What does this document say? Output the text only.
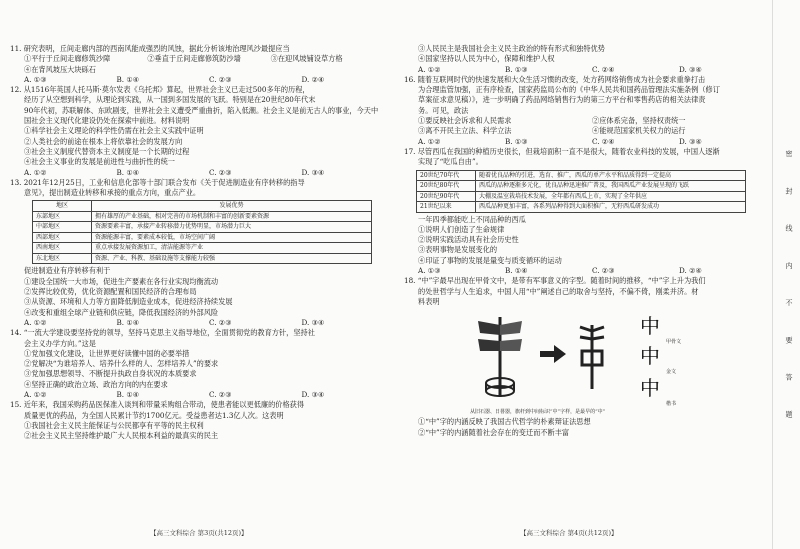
11. 研究表明，丘间走廊内部的西南风能成强烈的风蚀，据此分析该地治理风沙最提应当

①平行于丘间走廊修筑沙障	②垂直于丘间走廊修筑防沙墙	③在迎风坡铺设草方格
④在背风坡压大块砾石
A. ①③	B. ①④	C. ②③	D. ②④

12. 从1516年英国人托马斯·莫尔发表《乌托邦》算起，世界社会主义已走过500多年的历程，

经历了从空想到科学，从理论到实践，从一国到多国发展的飞跃。特别是在20世纪80年代末

90年代初，苏联解体、东欧剧变，世界社会主义遭受严重曲折，陷入低潮。社会主义是前无古人的事业，今天中

国社会主义现代化建设仍处在探索中前进。材料说明

①科学社会主义理论的科学性仍需在社会主义实践中证明

②人类社会的前途在根本上将依靠社会的发展方向

③社会主义制度代替资本主义制度是一个长期的过程

④社会主义事业的发展是前进性与曲折性的统一

A. ①②	B. ①④	C. ②③	D. ③④

13. 2021年12月25日，工业和信息化部等十部门联合发布《关于促进制造业有序转移的指导

意见》，提出制造业转移和承接的重点方向，重点产业。

地区	发展优势
东部地区	拥有雄厚的产业基础，相对完善的市场机制和丰富的创新要素资源
中部地区	资源要素丰富，承接产业转移潜力优势明显，市场潜力巨大
西部地区	资源能源丰富，要素成本较低，市场空间广阔
西南地区	重点承接发展资源加工，清洁能源等产业
东北地区	资源、产业、科教、基础设施等支撑能力较强

促进制造业有序转移有利于

①建设全国统一大市场，促进生产要素在各行业实现均衡流动

②发挥比较优势，优化资源配置和国民经济的合理布局

③从资源、环境和人力等方面降低制造业成本，促进经济持续发展

④改变和重组全球产业链和供应链，降低我国经济的外部风险

A. ①②	B. ①④	C. ②③	D. ③④

14. “一流大学建设要坚持党的领导，坚持马克思主义指导地位，全面贯彻党的教育方针，坚持社

会主义办学方向。”这是

①党加强文化建设，让世界更好读懂中国的必要举措

②党解决“为谁培养人、培养什么样的人、怎样培养人”的要求

③党加强思想领导、不断提升执政自身状况的本质要求

④坚持正确的政治立场、政治方向的内在要求

A. ①②	B. ①④	C. ②③	D. ③④

15. 近年来，我国采购药品医保准入谈判和带量采购组合带动，使患者能以更低廉的价格获得

质量更优的药品，为全国人民累计节约1700亿元。受益患者达1.3亿人次。这表明

①我国社会主义民主能保证与公民都享有平等的民主权利

②社会主义民主坚持维护最广大人民根本利益的最真实的民主

【高三文科综合 第3页(共12页)】

③人民民主是我国社会主义民主政治的特有形式和独特优势

④国家坚持以人民为中心，保障和维护人权

A. ①②	B. ①③	C. ②④	D. ③④

16. 随着互联网时代的快速发展和大众生活习惯的改变，处方药网络销售成为社会要求重拳打击

为合理监管加强，正有序检查，国家药监局公布的《中华人民共和国药品管理法实施条例（修订

草案征求意见稿）》，进一步明确了药品网络销售行为的第三方平台和零售药店的相关法律责

务。可见，政法

①要反映社会诉求和人民需求	②应体系完备，坚持权责统一
③离不开民主立法、科学立法	④能规范国家机关权力的运行
A. ①②	B. ①③	C. ②④	D. ③④

17. 尽管西瓜在我国的种植历史很长，但栽培面积一直不是很大，随着农业科技的发展，中国人逐渐

实现了“吃瓜自由”。

20世纪70年代	随着优良品种的引进，选育、推广，西瓜的单产水平和品质得到一定提高
20世纪80年代	西瓜的品种逐渐多元化，优良品种迅速推广普及，我国西瓜产业发展呈现的飞跃
20世纪90年代	大棚及温室栽培技术发展，全年都有西瓜上市，实现了全年供应
21世纪以来	西瓜品种更加丰富，各系列品种得到大面积推广，无籽西瓜研发成功

一年四季都能吃上不同品种的西瓜

①说明人们创造了生命规律

②说明实践活动具有社会历史性

③表明事物是发展变化的

④印证了事物的发展是量变与质变循环的运动

A. ①③	B. ①④	C. ②③	D. ②④

18. “中”字最早出现在甲骨文中，是带有军事意义的字型。随着时间的推移，“中”字上升为我们

的处世哲学与人生追求，中国人用“中”阐述自己的取舍与坚持，不偏不倚，刚柔并济。材

料表明

中
中
中
甲骨文
金文
楷书
从旧石器、日晷器，旗杆到中间标识“中”字样，是最早的“中”

①“中”字的内涵反映了我国古代哲学的朴素辩证法思想

②“中”字的内涵随着社会存在的变迁而不断丰富

【高三文科综合 第4页(共12页)】
密 封 线 内 不 要 答 题
